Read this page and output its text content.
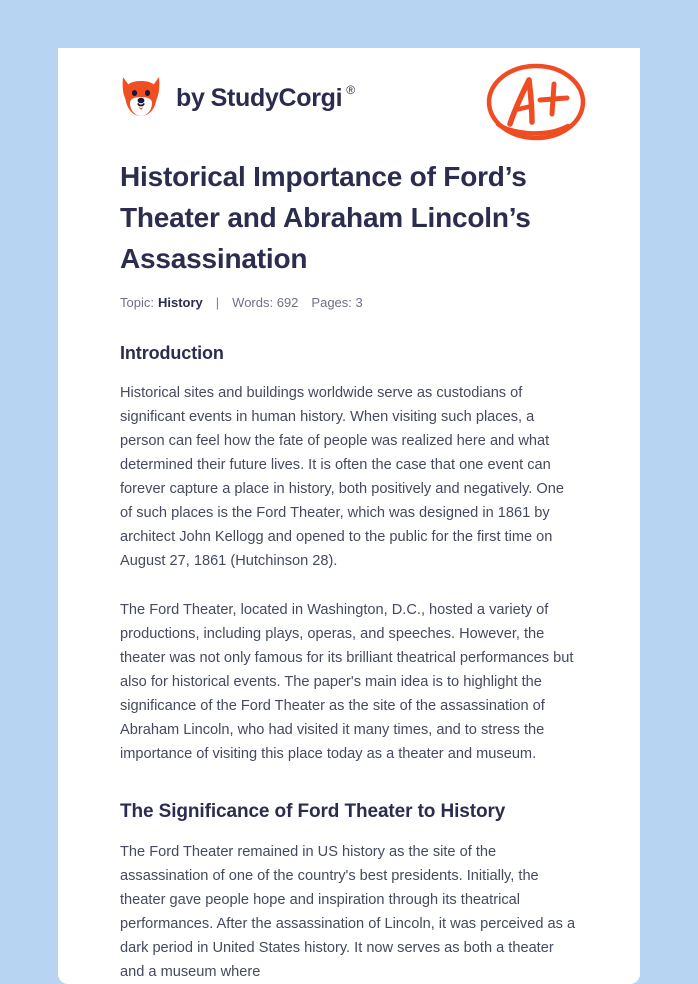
by StudyCorgi ®
Historical Importance of Ford’s Theater and Abraham Lincoln’s Assassination
Topic: History | Words: 692 Pages: 3
Introduction

Historical sites and buildings worldwide serve as custodians of significant events in human history. When visiting such places, a person can feel how the fate of people was realized here and what determined their future lives. It is often the case that one event can forever capture a place in history, both positively and negatively. One of such places is the Ford Theater, which was designed in 1861 by architect John Kellogg and opened to the public for the first time on August 27, 1861 (Hutchinson 28).

The Ford Theater, located in Washington, D.C., hosted a variety of productions, including plays, operas, and speeches. However, the theater was not only famous for its brilliant theatrical performances but also for historical events. The paper's main idea is to highlight the significance of the Ford Theater as the site of the assassination of Abraham Lincoln, who had visited it many times, and to stress the importance of visiting this place today as a theater and museum.

The Significance of Ford Theater to History

The Ford Theater remained in US history as the site of the assassination of one of the country's best presidents. Initially, the theater gave people hope and inspiration through its theatrical performances. After the assassination of Lincoln, it was perceived as a dark period in United States history. It now serves as both a theater and a museum where
